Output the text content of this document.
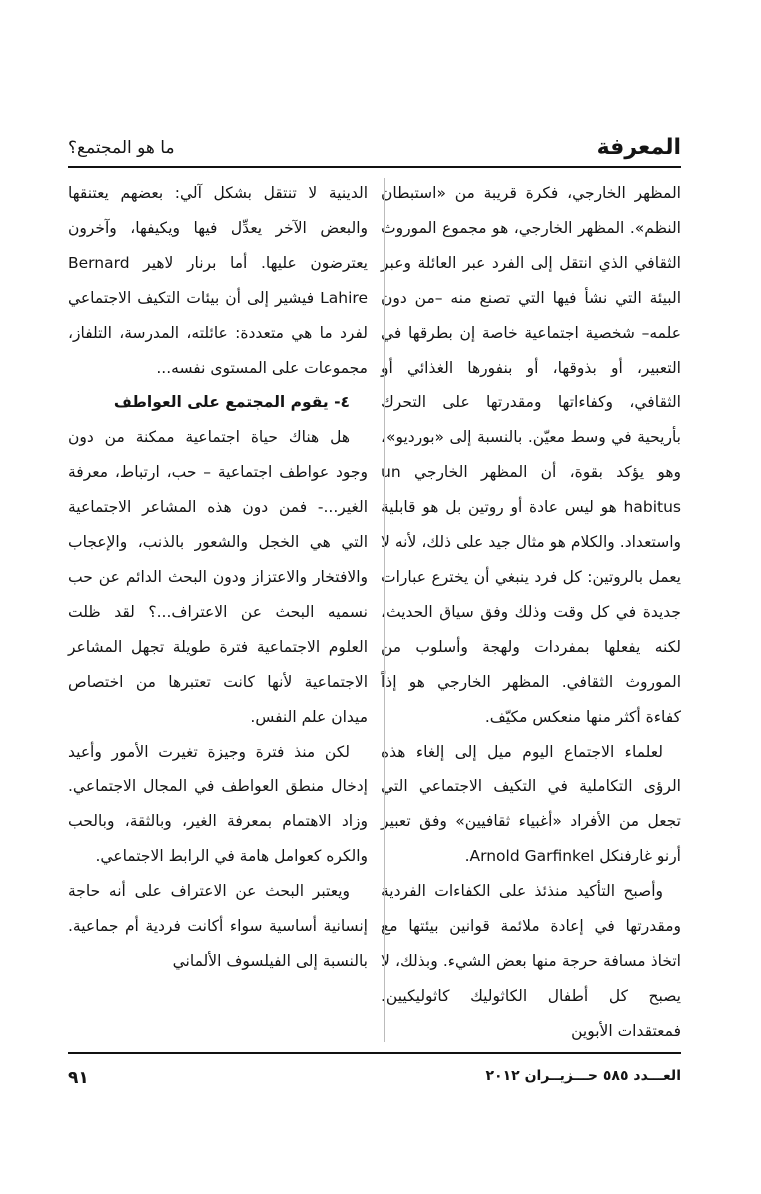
ما هو المجتمع؟	المعرفة

المظهر الخارجي، فكرة قريبة من «استبطان النظم». المظهر الخارجي، هو مجموع الموروث الثقافي الذي انتقل إلى الفرد عبر العائلة وعبر البيئة التي نشأ فيها التي تصنع منه –من دون علمه– شخصية اجتماعية خاصة إن بطرقها في التعبير، أو بذوقها، أو بنفورها الغذائي أو الثقافي، وكفاءاتها ومقدرتها على التحرك بأريحية في وسط معيّن. بالنسبة إلى «بورديو»، وهو يؤكد بقوة، أن المظهر الخارجي un habitus هو ليس عادة أو روتين بل هو قابلية واستعداد. والكلام هو مثال جيد على ذلك، لأنه لا يعمل بالروتين: كل فرد ينبغي أن يخترع عبارات جديدة في كل وقت وذلك وفق سياق الحديث، لكنه يفعلها بمفردات ولهجة وأسلوب من الموروث الثقافي. المظهر الخارجي هو إذاً كفاءة أكثر منها منعكس مكيّف.

لعلماء الاجتماع اليوم ميل إلى إلغاء هذه الرؤى التكاملية في التكيف الاجتماعي التي تجعل من الأفراد «أغبياء ثقافيين» وفق تعبير أرنو غارفنكل Arnold Garfinkel.

وأصبح التأكيد منذئذ على الكفاءات الفردية ومقدرتها في إعادة ملائمة قوانين بيئتها مع اتخاذ مسافة حرجة منها بعض الشيء. وبذلك، لا يصبح كل أطفال الكاثوليك كاثوليكيين. فمعتقدات الأبوين

الدينية لا تنتقل بشكل آلي: بعضهم يعتنقها والبعض الآخر يعدِّل فيها ويكيفها، وآخرون يعترضون عليها. أما برنار لاهير Bernard Lahire فيشير إلى أن بيئات التكيف الاجتماعي لفرد ما هي متعددة: عائلته، المدرسة، التلفاز، مجموعات على المستوى نفسه...

٤- يقوم المجتمع على العواطف

هل هناك حياة اجتماعية ممكنة من دون وجود عواطف اجتماعية – حب، ارتباط، معرفة الغير...- فمن دون هذه المشاعر الاجتماعية التي هي الخجل والشعور بالذنب، والإعجاب والافتخار والاعتزاز ودون البحث الدائم عن حب نسميه البحث عن الاعتراف...؟ لقد ظلت العلوم الاجتماعية فترة طويلة تجهل المشاعر الاجتماعية لأنها كانت تعتبرها من اختصاص ميدان علم النفس.

لكن منذ فترة وجيزة تغيرت الأمور وأعيد إدخال منطق العواطف في المجال الاجتماعي. وزاد الاهتمام بمعرفة الغير، وبالثقة، وبالحب والكره كعوامل هامة في الرابط الاجتماعي.

ويعتبر البحث عن الاعتراف على أنه حاجة إنسانية أساسية سواء أكانت فردية أم جماعية. بالنسبة إلى الفيلسوف الألماني

٩١	العـــدد ٥٨٥ حـــزيــران ٢٠١٢
